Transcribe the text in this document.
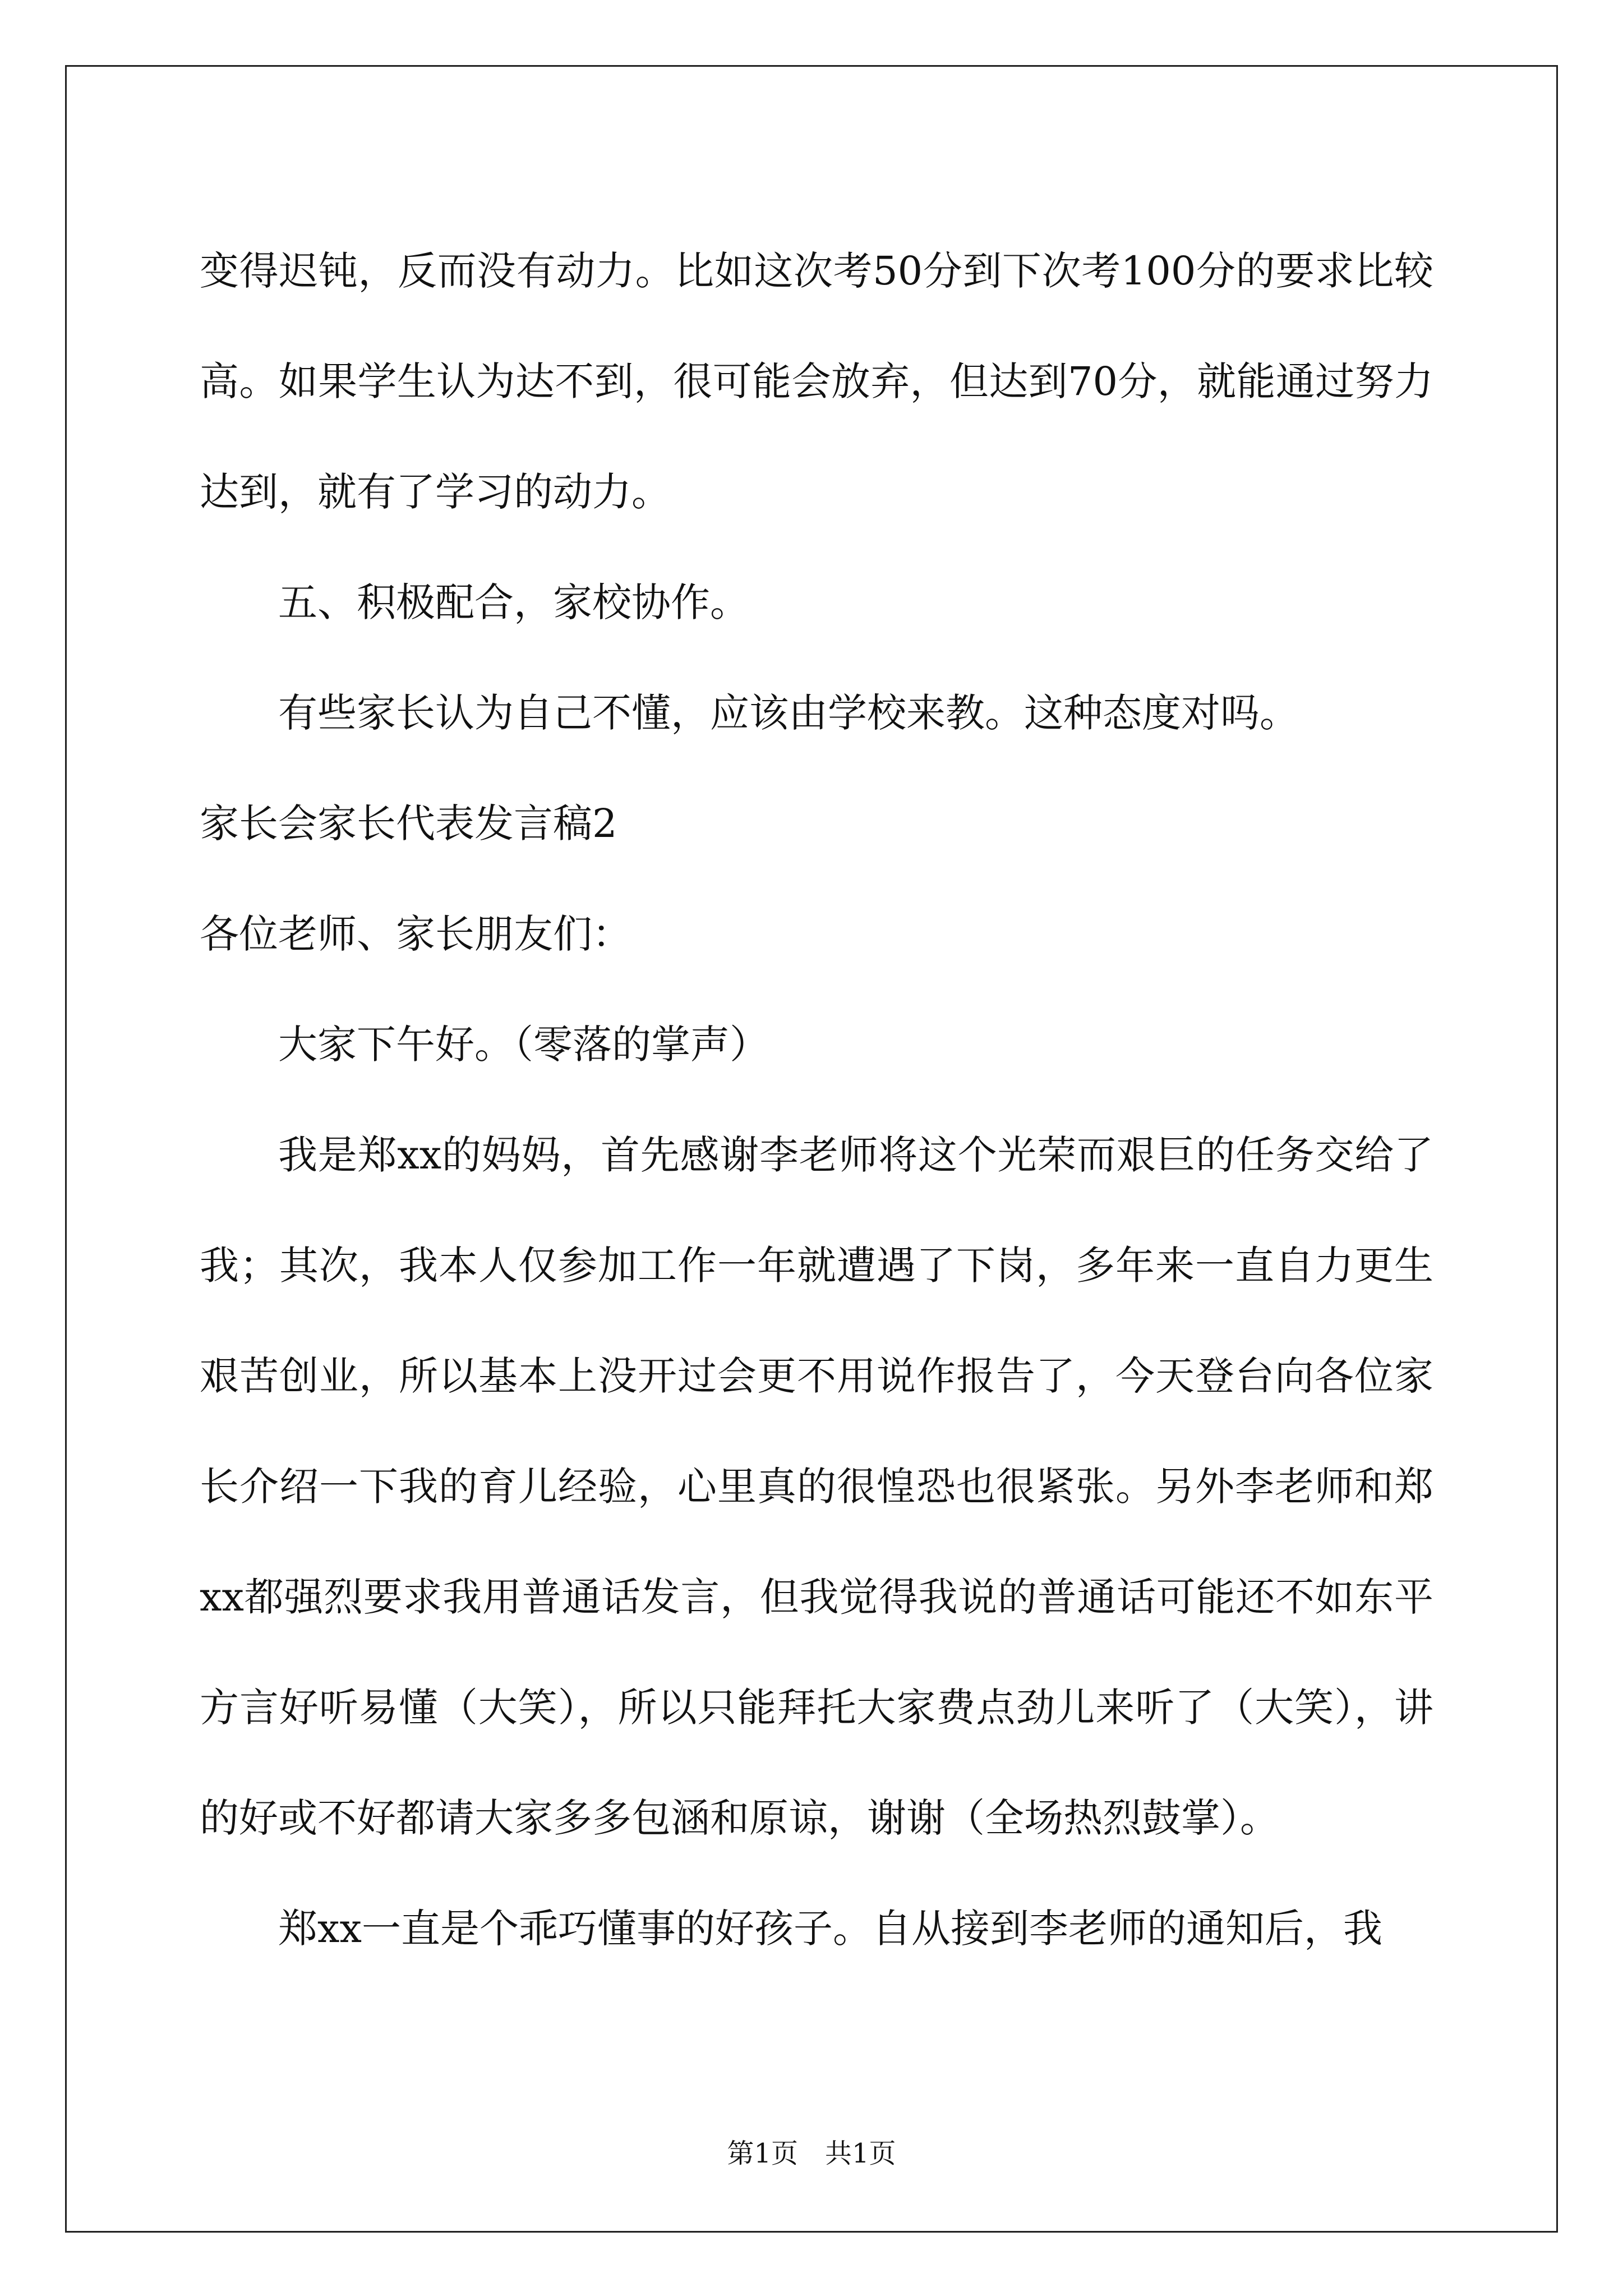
变得迟钝，反而没有动力。比如这次考50分到下次考100分的要求比较高。如果学生认为达不到，很可能会放弃，但达到70分，就能通过努力达到，就有了学习的动力。

五、积极配合，家校协作。

有些家长认为自己不懂，应该由学校来教。这种态度对吗。

家长会家长代表发言稿2

各位老师、家长朋友们：

大家下午好。（零落的掌声）

我是郑xx的妈妈，首先感谢李老师将这个光荣而艰巨的任务交给了我；其次，我本人仅参加工作一年就遭遇了下岗，多年来一直自力更生艰苦创业，所以基本上没开过会更不用说作报告了，今天登台向各位家长介绍一下我的育儿经验，心里真的很惶恐也很紧张。另外李老师和郑xx都强烈要求我用普通话发言，但我觉得我说的普通话可能还不如东平方言好听易懂（大笑），所以只能拜托大家费点劲儿来听了（大笑），讲的好或不好都请大家多多包涵和原谅，谢谢（全场热烈鼓掌）。

郑xx一直是个乖巧懂事的好孩子。自从接到李老师的通知后，我

第1页　共1页
